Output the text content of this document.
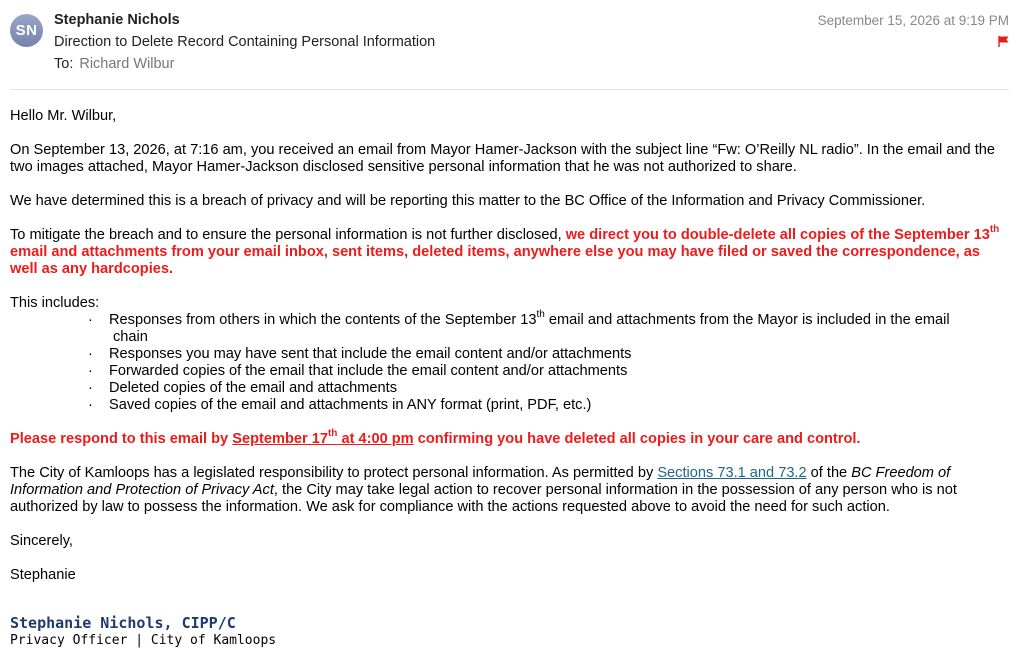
SN
Stephanie Nichols
Direction to Delete Record Containing Personal Information
To: Richard Wilbur
September 15, 2026 at 9:19 PM

Hello Mr. Wilbur,

On September 13, 2026, at 7:16 am, you received an email from Mayor Hamer-Jackson with the subject line “Fw: O’Reilly NL radio”. In the email and the two images attached, Mayor Hamer-Jackson disclosed sensitive personal information that he was not authorized to share.

We have determined this is a breach of privacy and will be reporting this matter to the BC Office of the Information and Privacy Commissioner.

To mitigate the breach and to ensure the personal information is not further disclosed, we direct you to double-delete all copies of the September 13th email and attachments from your email inbox, sent items, deleted items, anywhere else you may have filed or saved the correspondence, as well as any hardcopies.

This includes:

· Responses from others in which the contents of the September 13th email and attachments from the Mayor is included in the email
chain
· Responses you may have sent that include the email content and/or attachments
· Forwarded copies of the email that include the email content and/or attachments
· Deleted copies of the email and attachments
· Saved copies of the email and attachments in ANY format (print, PDF, etc.)

Please respond to this email by September 17th at 4:00 pm confirming you have deleted all copies in your care and control.

The City of Kamloops has a legislated responsibility to protect personal information. As permitted by Sections 73.1 and 73.2 of the BC Freedom of Information and Protection of Privacy Act, the City may take legal action to recover personal information in the possession of any person who is not authorized by law to possess the information. We ask for compliance with the actions requested above to avoid the need for such action.

Sincerely,

Stephanie

Stephanie Nichols, CIPP/C
Privacy Officer | City of Kamloops
